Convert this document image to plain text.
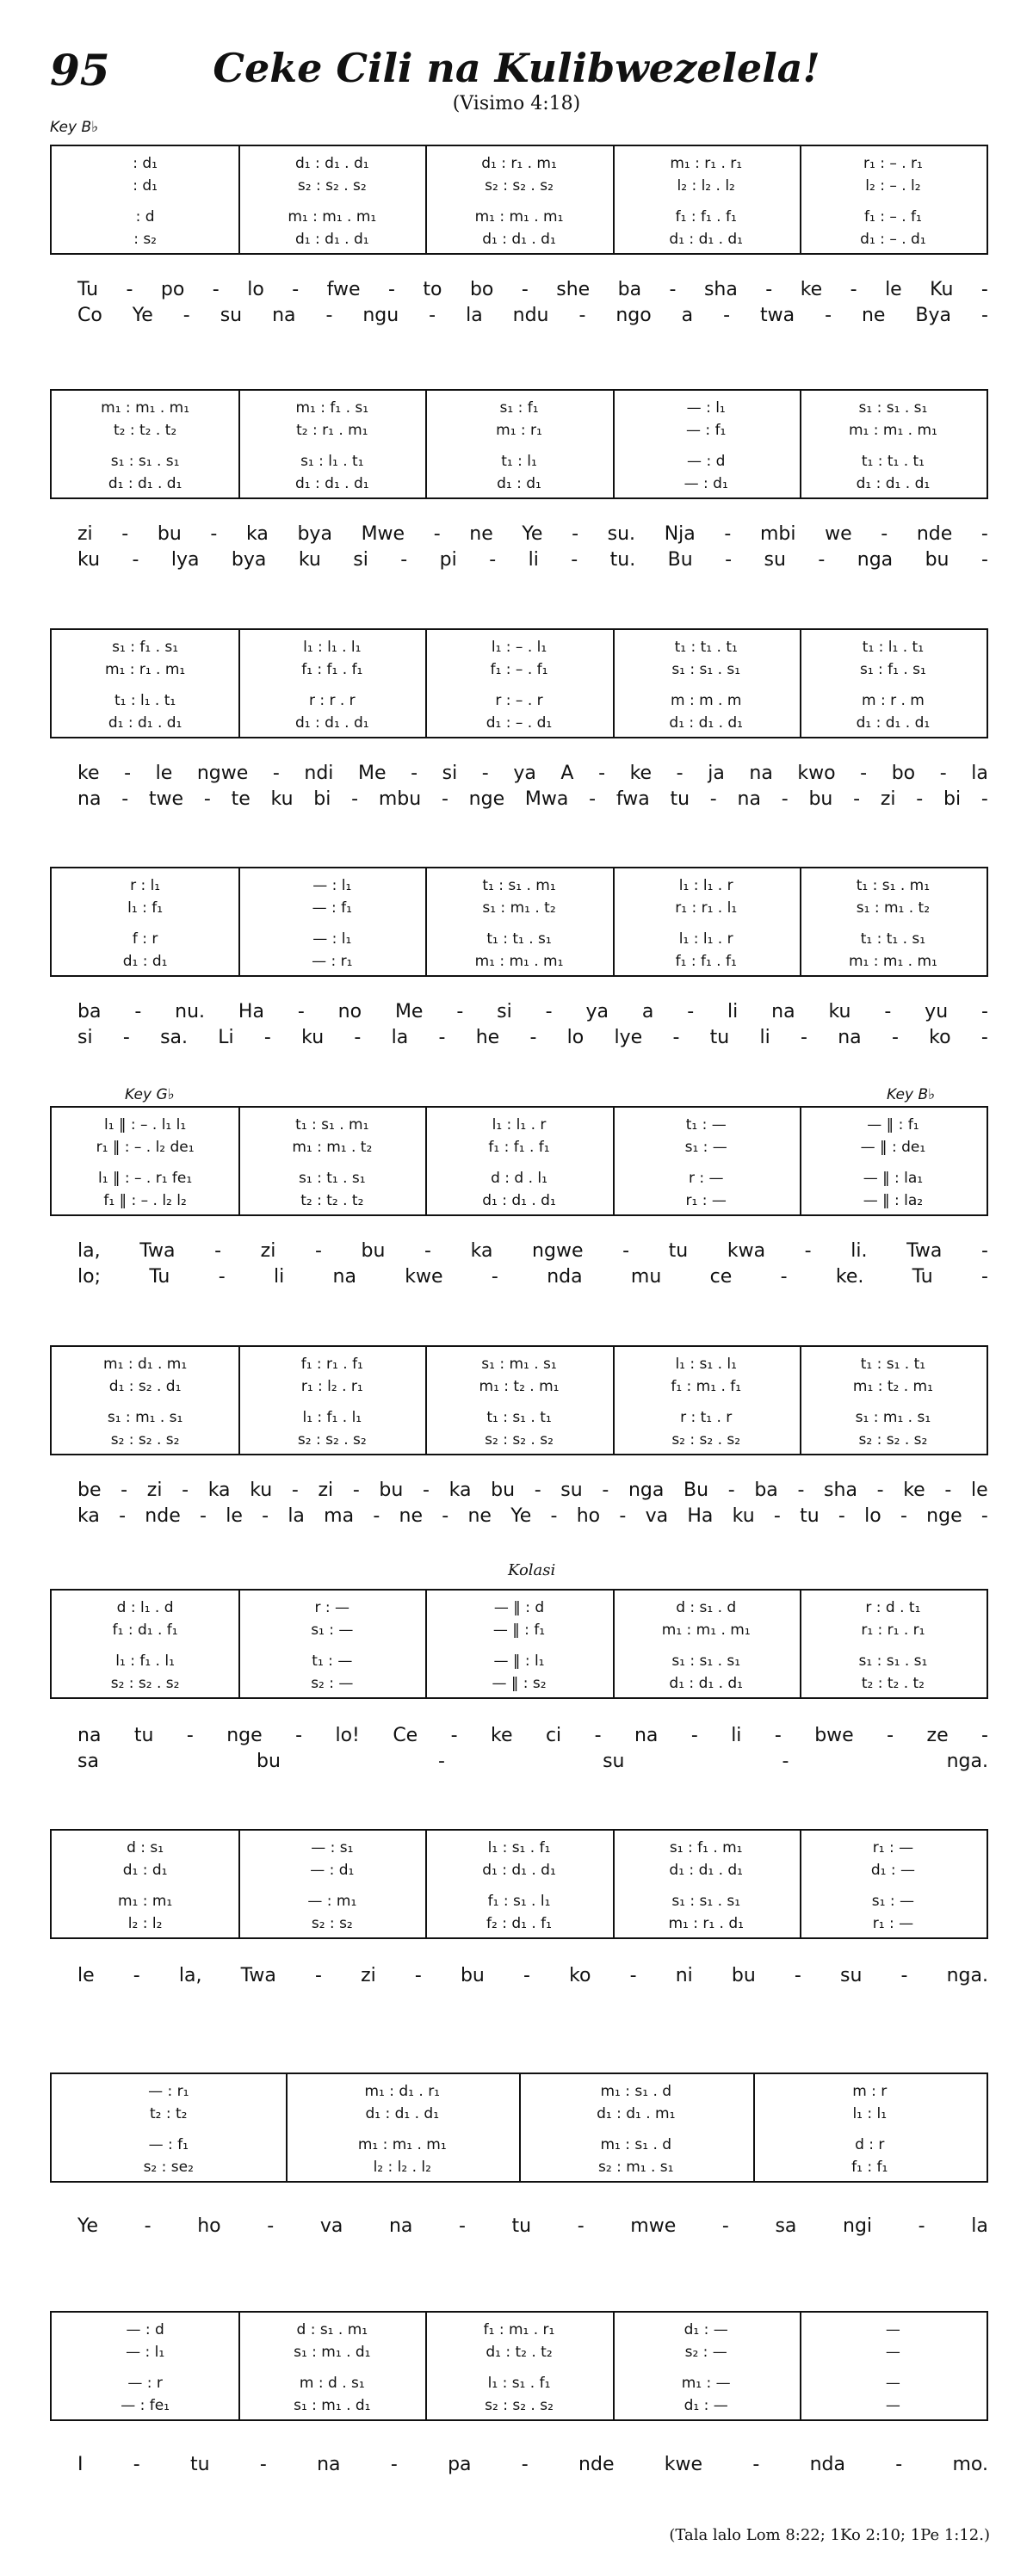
95	Ceke Cili na Kulibwezelela!
(Visimo 4:18)
Key B♭
Key G♭	Key B♭
Kolasi
: d₁	d₁ : d₁ . d₁	d₁ : r₁ . m₁	m₁ : r₁ . r₁	r₁ : – . r₁
: d₁	s₂ : s₂ . s₂	s₂ : s₂ . s₂	l₂ : l₂ . l₂	l₂ : – . l₂
: d	m₁ : m₁ . m₁	m₁ : m₁ . m₁	f₁ : f₁ . f₁	f₁ : – . f₁
: s₂	d₁ : d₁ . d₁	d₁ : d₁ . d₁	d₁ : d₁ . d₁	d₁ : – . d₁
Tu - po - lo - fwe - to bo - she ba - sha - ke - le Ku -
Co Ye - su na - ngu - la ndu - ngo a - twa - ne Bya -
m₁ : m₁ . m₁	m₁ : f₁ . s₁	s₁ : f₁	— : l₁	s₁ : s₁ . s₁
t₂ : t₂ . t₂	t₂ : r₁ . m₁	m₁ : r₁	— : f₁	m₁ : m₁ . m₁
s₁ : s₁ . s₁	s₁ : l₁ . t₁	t₁ : l₁	— : d	t₁ : t₁ . t₁
d₁ : d₁ . d₁	d₁ : d₁ . d₁	d₁ : d₁	— : d₁	d₁ : d₁ . d₁
zi - bu - ka bya Mwe - ne Ye - su. Nja - mbi we - nde -
ku - lya bya ku si - pi - li - tu. Bu - su - nga bu -
s₁ : f₁ . s₁	l₁ : l₁ . l₁	l₁ : – . l₁	t₁ : t₁ . t₁	t₁ : l₁ . t₁
m₁ : r₁ . m₁	f₁ : f₁ . f₁	f₁ : – . f₁	s₁ : s₁ . s₁	s₁ : f₁ . s₁
t₁ : l₁ . t₁	r : r . r	r : – . r	m : m . m	m : r . m
d₁ : d₁ . d₁	d₁ : d₁ . d₁	d₁ : – . d₁	d₁ : d₁ . d₁	d₁ : d₁ . d₁
ke - le ngwe - ndi Me - si - ya A - ke - ja na kwo - bo - la
na - twe - te ku bi - mbu - nge Mwa - fwa tu - na - bu - zi - bi -
r : l₁	— : l₁	t₁ : s₁ . m₁	l₁ : l₁ . r	t₁ : s₁ . m₁
l₁ : f₁	— : f₁	s₁ : m₁ . t₂	r₁ : r₁ . l₁	s₁ : m₁ . t₂
f : r	— : l₁	t₁ : t₁ . s₁	l₁ : l₁ . r	t₁ : t₁ . s₁
d₁ : d₁	— : r₁	m₁ : m₁ . m₁	f₁ : f₁ . f₁	m₁ : m₁ . m₁
ba - nu. Ha - no Me - si - ya a - li na ku - yu -
si - sa. Li - ku - la - he - lo lye - tu li - na - ko -
l₁ ‖ : – . l₁ l₁	t₁ : s₁ . m₁	l₁ : l₁ . r	t₁ : —	— ‖ : f₁
r₁ ‖ : – . l₂ de₁	m₁ : m₁ . t₂	f₁ : f₁ . f₁	s₁ : —	— ‖ : de₁
l₁ ‖ : – . r₁ fe₁	s₁ : t₁ . s₁	d : d . l₁	r : —	— ‖ : la₁
f₁ ‖ : – . l₂ l₂	t₂ : t₂ . t₂	d₁ : d₁ . d₁	r₁ : —	— ‖ : la₂
la, Twa - zi - bu - ka ngwe - tu kwa - li. Twa -
lo;	Tu	-	li	na	kwe	-	nda	mu	ce	-	ke.	Tu	-
m₁ : d₁ . m₁	f₁ : r₁ . f₁	s₁ : m₁ . s₁	l₁ : s₁ . l₁	t₁ : s₁ . t₁
d₁ : s₂ . d₁	r₁ : l₂ . r₁	m₁ : t₂ . m₁	f₁ : m₁ . f₁	m₁ : t₂ . m₁
s₁ : m₁ . s₁	l₁ : f₁ . l₁	t₁ : s₁ . t₁	r : t₁ . r	s₁ : m₁ . s₁
s₂ : s₂ . s₂	s₂ : s₂ . s₂	s₂ : s₂ . s₂	s₂ : s₂ . s₂	s₂ : s₂ . s₂
be - zi - ka ku - zi - bu - ka bu - su - nga Bu - ba - sha - ke - le
ka - nde - le - la ma - ne - ne Ye - ho - va Ha ku - tu - lo - nge -
d : l₁ . d	r : —	— ‖ : d	d : s₁ . d	r : d . t₁
f₁ : d₁ . f₁	s₁ : —	— ‖ : f₁	m₁ : m₁ . m₁	r₁ : r₁ . r₁
l₁ : f₁ . l₁	t₁ : —	— ‖ : l₁	s₁ : s₁ . s₁	s₁ : s₁ . s₁
s₂ : s₂ . s₂	s₂ : —	— ‖ : s₂	d₁ : d₁ . d₁	t₂ : t₂ . t₂
na tu - nge - lo! Ce - ke ci - na - li - bwe - ze -
sa	bu	-	su	-	nga.
d : s₁	— : s₁	l₁ : s₁ . f₁	s₁ : f₁ . m₁	r₁ : —
d₁ : d₁	— : d₁	d₁ : d₁ . d₁	d₁ : d₁ . d₁	d₁ : —
m₁ : m₁	— : m₁	f₁ : s₁ . l₁	s₁ : s₁ . s₁	s₁ : —
l₂ : l₂	s₂ : s₂	f₂ : d₁ . f₁	m₁ : r₁ . d₁	r₁ : —
le - la, Twa - zi - bu - ko - ni bu - su - nga.
— : r₁	m₁ : d₁ . r₁	m₁ : s₁ . d	m : r
t₂ : t₂	d₁ : d₁ . d₁	d₁ : d₁ . m₁	l₁ : l₁
— : f₁	m₁ : m₁ . m₁	m₁ : s₁ . d	d : r
s₂ : se₂	l₂ : l₂ . l₂	s₂ : m₁ . s₁	f₁ : f₁
Ye - ho - va na - tu - mwe - sa ngi - la
— : d	d : s₁ . m₁	f₁ : m₁ . r₁	d₁ : —	—
— : l₁	s₁ : m₁ . d₁	d₁ : t₂ . t₂	s₂ : —	—
— : r	m : d . s₁	l₁ : s₁ . f₁	m₁ : —	—
— : fe₁	s₁ : m₁ . d₁	s₂ : s₂ . s₂	d₁ : —	—
I	-	tu	-	na	-	pa	-	nde	kwe	-	nda	-	mo.
(Tala lalo Lom 8:22; 1Ko 2:10; 1Pe 1:12.)
